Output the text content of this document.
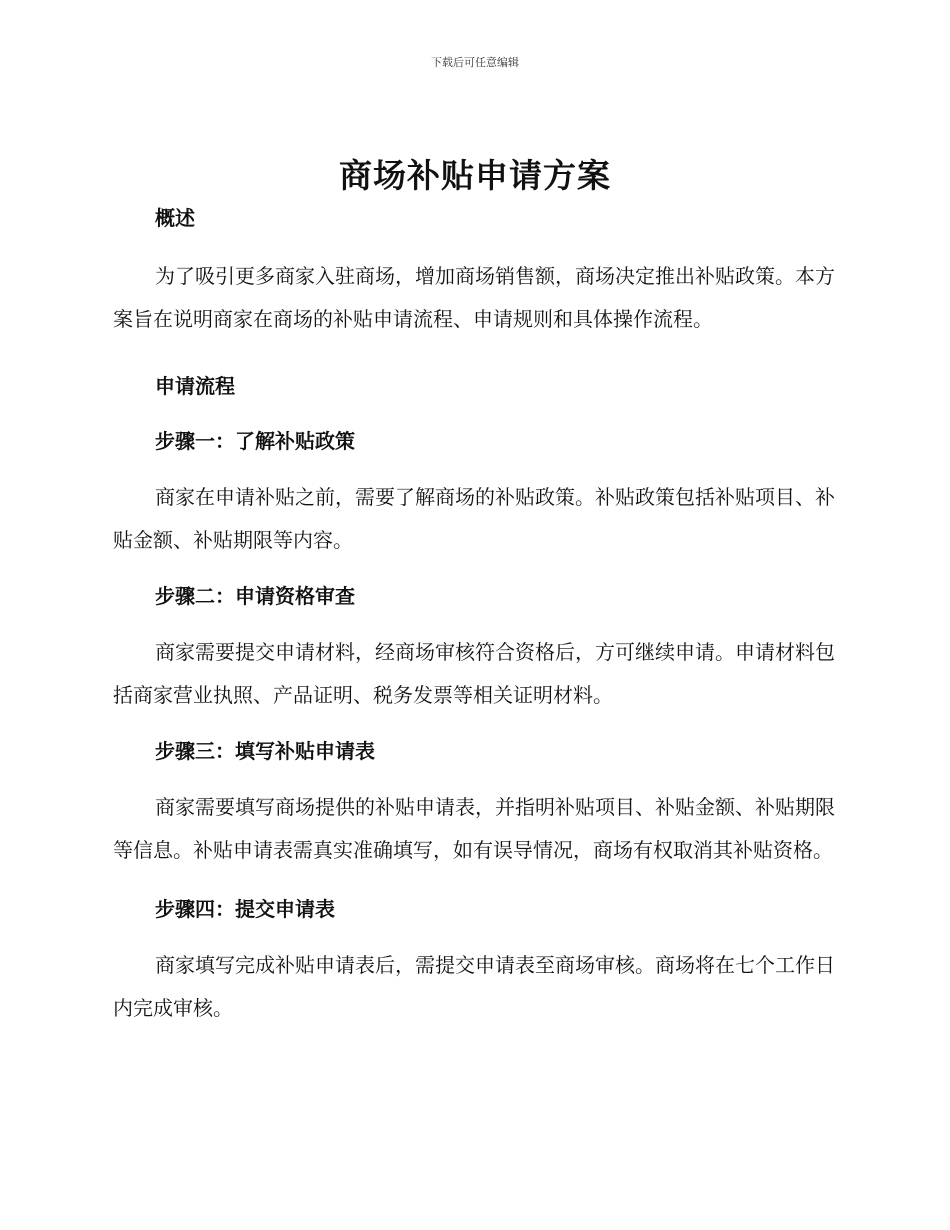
下载后可任意编辑
商场补贴申请方案

概述

为了吸引更多商家入驻商场，增加商场销售额，商场决定推出补贴政策。本方案旨在说明商家在商场的补贴申请流程、申请规则和具体操作流程。

申请流程

步骤一：了解补贴政策

商家在申请补贴之前，需要了解商场的补贴政策。补贴政策包括补贴项目、补贴金额、补贴期限等内容。

步骤二：申请资格审查

商家需要提交申请材料，经商场审核符合资格后，方可继续申请。申请材料包括商家营业执照、产品证明、税务发票等相关证明材料。

步骤三：填写补贴申请表

商家需要填写商场提供的补贴申请表，并指明补贴项目、补贴金额、补贴期限等信息。补贴申请表需真实准确填写，如有误导情况，商场有权取消其补贴资格。

步骤四：提交申请表

商家填写完成补贴申请表后，需提交申请表至商场审核。商场将在七个工作日内完成审核。
